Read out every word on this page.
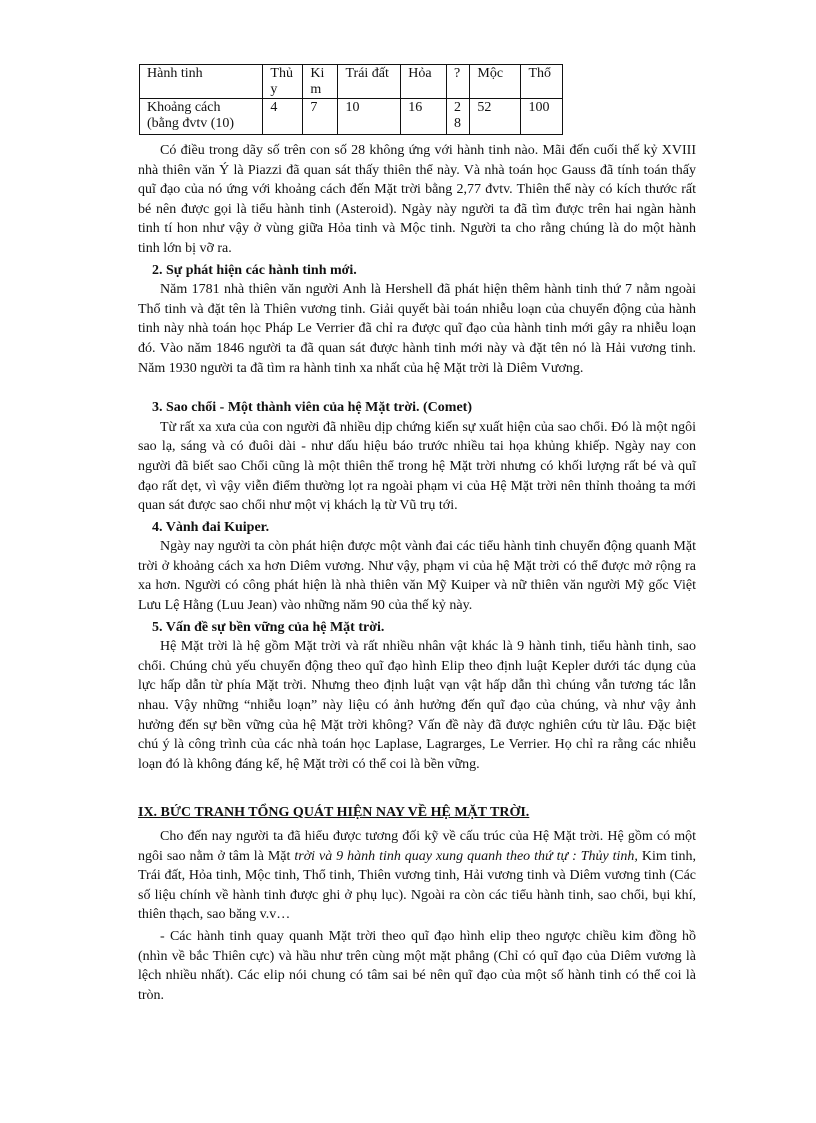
Hành tinh	Thủ y	Ki m	Trái đất	Hỏa	?	Mộc	Thổ
Khoảng cách (bằng đvtv (10)	4	7	10	16	2 8	52	100

Có điều trong dãy số trên con số 28 không ứng với hành tinh nào. Mãi đến cuối thế kỷ XVIII nhà thiên văn Ý là Piazzi đã quan sát thấy thiên thể này. Và nhà toán học Gauss đã tính toán thấy quĩ đạo của nó ứng với khoảng cách đến Mặt trời bằng 2,77 đvtv. Thiên thể này có kích thước rất bé nên được gọi là tiểu hành tinh (Asteroid). Ngày này người ta đã tìm được trên hai ngàn hành tinh tí hon như vậy ở vùng giữa Hỏa tinh và Mộc tinh. Người ta cho rằng chúng là do một hành tinh lớn bị vỡ ra.

2. Sự phát hiện các hành tinh mới.

Năm 1781 nhà thiên văn người Anh là Hershell đã phát hiện thêm hành tinh thứ 7 nằm ngoài Thổ tinh và đặt tên là Thiên vương tinh. Giải quyết bài toán nhiễu loạn của chuyển động của hành tinh này nhà toán học Pháp Le Verrier đã chỉ ra được quĩ đạo của hành tinh mới gây ra nhiễu loạn đó. Vào năm 1846 người ta đã quan sát được hành tinh mới này và đặt tên nó là Hải vương tinh. Năm 1930 người ta đã tìm ra hành tinh xa nhất của hệ Mặt trời là Diêm Vương.

3. Sao chổi - Một thành viên của hệ Mặt trời. (Comet)

Từ rất xa xưa của con người đã nhiều dịp chứng kiến sự xuất hiện của sao chổi. Đó là một ngôi sao lạ, sáng và có đuôi dài - như dấu hiệu báo trước nhiều tai họa khủng khiếp. Ngày nay con người đã biết sao Chổi cũng là một thiên thể trong hệ Mặt trời nhưng có khối lượng rất bé và quĩ đạo rất dẹt, vì vậy viễn điểm thường lọt ra ngoài phạm vi của Hệ Mặt trời nên thỉnh thoảng ta mới quan sát được sao chổi như một vị khách lạ từ Vũ trụ tới.

4. Vành đai Kuiper.

Ngày nay người ta còn phát hiện được một vành đai các tiểu hành tinh chuyển động quanh Mặt trời ở khoảng cách xa hơn Diêm vương. Như vậy, phạm vi của hệ Mặt trời có thể được mở rộng ra xa hơn. Người có công phát hiện là nhà thiên văn Mỹ Kuiper và nữ thiên văn người Mỹ gốc Việt Lưu Lệ Hằng (Luu Jean) vào những năm 90 của thế kỷ này.

5. Vấn đề sự bền vững của hệ Mặt trời.

Hệ Mặt trời là hệ gồm Mặt trời và rất nhiều nhân vật khác là 9 hành tinh, tiểu hành tinh, sao chổi. Chúng chủ yếu chuyển động theo quĩ đạo hình Elip theo định luật Kepler dưới tác dụng của lực hấp dẫn từ phía Mặt trời. Nhưng theo định luật vạn vật hấp dẫn thì chúng vẫn tương tác lẫn nhau. Vậy những “nhiễu loạn” này liệu có ảnh hưởng đến quĩ đạo của chúng, và như vậy ảnh hưởng đến sự bền vững của hệ Mặt trời không? Vấn đề này đã được nghiên cứu từ lâu. Đặc biệt chú ý là công trình của các nhà toán học Laplase, Lagrarges, Le Verrier. Họ chỉ ra rằng các nhiễu loạn đó là không đáng kể, hệ Mặt trời có thể coi là bền vững.

IX. BỨC TRANH TỔNG QUÁT HIỆN NAY VỀ HỆ MẶT TRỜI.

Cho đến nay người ta đã hiểu được tương đối kỹ về cấu trúc của Hệ Mặt trời. Hệ gồm có một ngôi sao nằm ở tâm là Mặt trời và 9 hành tinh quay xung quanh theo thứ tự : Thủy tinh, Kim tinh, Trái đất, Hỏa tinh, Mộc tinh, Thổ tinh, Thiên vương tinh, Hải vương tinh và Diêm vương tinh (Các số liệu chính về hành tinh được ghi ở phụ lục). Ngoài ra còn các tiểu hành tinh, sao chổi, bụi khí, thiên thạch, sao băng v.v…

- Các hành tinh quay quanh Mặt trời theo quĩ đạo hình elip theo ngược chiều kim đồng hồ (nhìn về bắc Thiên cực) và hầu như trên cùng một mặt phẳng (Chỉ có quĩ đạo của Diêm vương là lệch nhiều nhất). Các elip nói chung có tâm sai bé nên quĩ đạo của một số hành tinh có thể coi là tròn.
